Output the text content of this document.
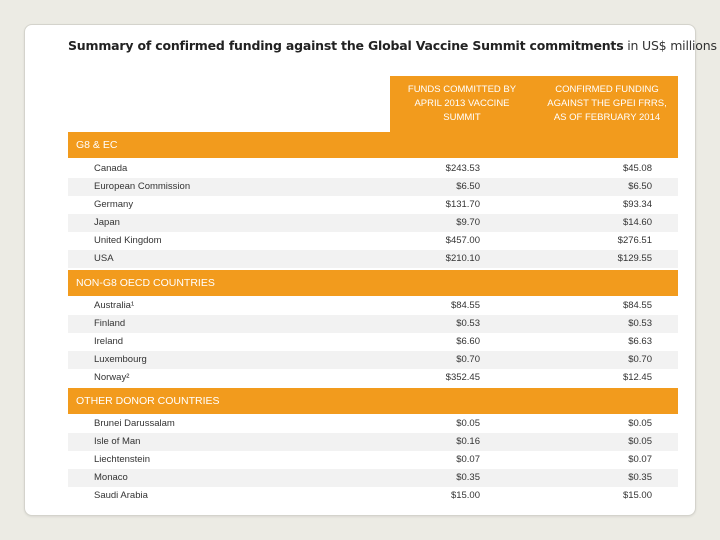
Summary of confirmed funding against the Global Vaccine Summit commitments in US$ millions
FUNDS COMMITTED BY APRIL 2013 VACCINE SUMMIT
CONFIRMED FUNDING AGAINST THE GPEI FRRS, AS OF FEBRUARY 2014
G8 & EC
Canada	$243.53	$45.08
European Commission	$6.50	$6.50
Germany	$131.70	$93.34
Japan	$9.70	$14.60
United Kingdom	$457.00	$276.51
USA	$210.10	$129.55
NON-G8 OECD COUNTRIES
Australia¹	$84.55	$84.55
Finland	$0.53	$0.53
Ireland	$6.60	$6.63
Luxembourg	$0.70	$0.70
Norway²	$352.45	$12.45
OTHER DONOR COUNTRIES
Brunei Darussalam	$0.05	$0.05
Isle of Man	$0.16	$0.05
Liechtenstein	$0.07	$0.07
Monaco	$0.35	$0.35
Saudi Arabia	$15.00	$15.00
